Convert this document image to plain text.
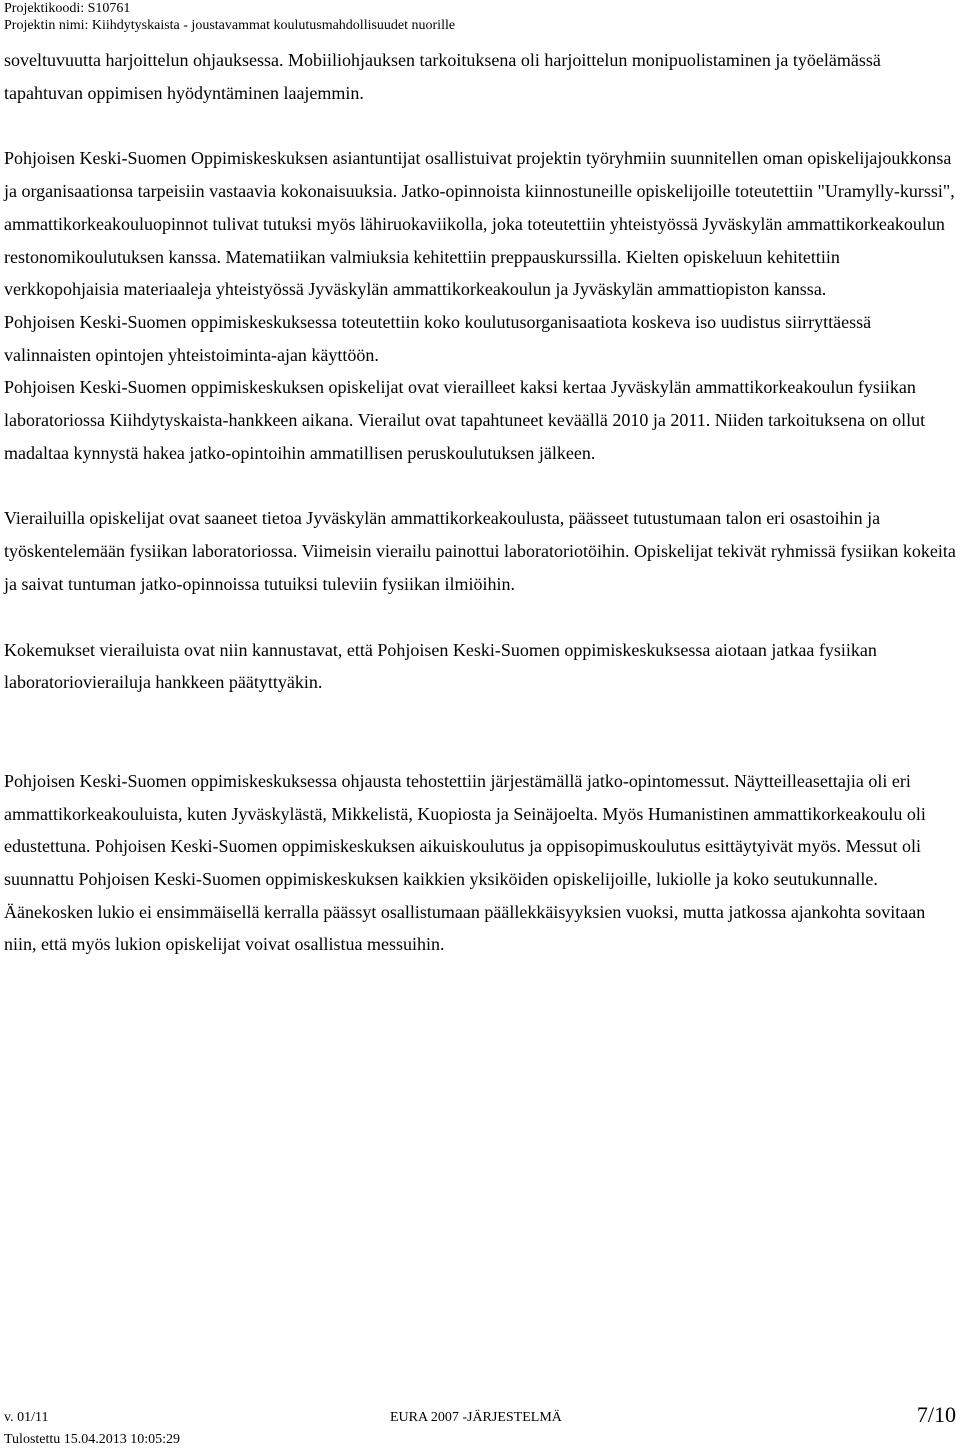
Projektikoodi: S10761
Projektin nimi: Kiihdytyskaista - joustavammat koulutusmahdollisuudet nuorille

soveltuvuutta harjoittelun ohjauksessa. Mobiiliohjauksen tarkoituksena oli harjoittelun monipuolistaminen ja työelämässä tapahtuvan oppimisen hyödyntäminen laajemmin.

Pohjoisen Keski-Suomen Oppimiskeskuksen asiantuntijat osallistuivat projektin työryhmiin suunnitellen oman opiskelijajoukkonsa ja organisaationsa tarpeisiin vastaavia kokonaisuuksia. Jatko-opinnoista kiinnostuneille opiskelijoille toteutettiin "Uramylly-kurssi", ammattikorkeakouluopinnot tulivat tutuksi myös lähiruokaviikolla, joka toteutettiin yhteistyössä Jyväskylän ammattikorkeakoulun restonomikoulutuksen kanssa. Matematiikan valmiuksia kehitettiin preppauskurssilla. Kielten opiskeluun kehitettiin verkkopohjaisia materiaaleja yhteistyössä Jyväskylän ammattikorkeakoulun ja Jyväskylän ammattiopiston kanssa.

Pohjoisen Keski-Suomen oppimiskeskuksessa toteutettiin koko koulutusorganisaatiota koskeva iso uudistus siirryttäessä valinnaisten opintojen yhteistoiminta-ajan käyttöön.

Pohjoisen Keski-Suomen oppimiskeskuksen opiskelijat ovat vierailleet kaksi kertaa Jyväskylän ammattikorkeakoulun fysiikan laboratoriossa Kiihdytyskaista-hankkeen aikana. Vierailut ovat tapahtuneet keväällä 2010 ja 2011. Niiden tarkoituksena on ollut madaltaa kynnystä hakea jatko-opintoihin ammatillisen peruskoulutuksen jälkeen.

Vierailuilla opiskelijat ovat saaneet tietoa Jyväskylän ammattikorkeakoulusta, päässeet tutustumaan talon eri osastoihin ja työskentelemään fysiikan laboratoriossa. Viimeisin vierailu painottui laboratoriotöihin. Opiskelijat tekivät ryhmissä fysiikan kokeita ja saivat tuntuman jatko-opinnoissa tutuiksi tuleviin fysiikan ilmiöihin.

Kokemukset vierailuista ovat niin kannustavat, että Pohjoisen Keski-Suomen oppimiskeskuksessa aiotaan jatkaa fysiikan laboratoriovierailuja hankkeen päätyttyäkin.

Pohjoisen Keski-Suomen oppimiskeskuksessa ohjausta tehostettiin järjestämällä jatko-opintomessut. Näytteilleasettajia oli eri ammattikorkeakouluista, kuten Jyväskylästä, Mikkelistä, Kuopiosta ja Seinäjoelta. Myös Humanistinen ammattikorkeakoulu oli edustettuna. Pohjoisen Keski-Suomen oppimiskeskuksen aikuiskoulutus ja oppisopimuskoulutus esittäytyivät myös. Messut oli suunnattu Pohjoisen Keski-Suomen oppimiskeskuksen kaikkien yksiköiden opiskelijoille, lukiolle ja koko seutukunnalle. Äänekosken lukio ei ensimmäisellä kerralla päässyt osallistumaan päällekkäisyyksien vuoksi, mutta jatkossa ajankohta sovitaan niin, että myös lukion opiskelijat voivat osallistua messuihin.

v. 01/11
Tulostettu 15.04.2013 10:05:29
EURA 2007 -JÄRJESTELMÄ	7/10
